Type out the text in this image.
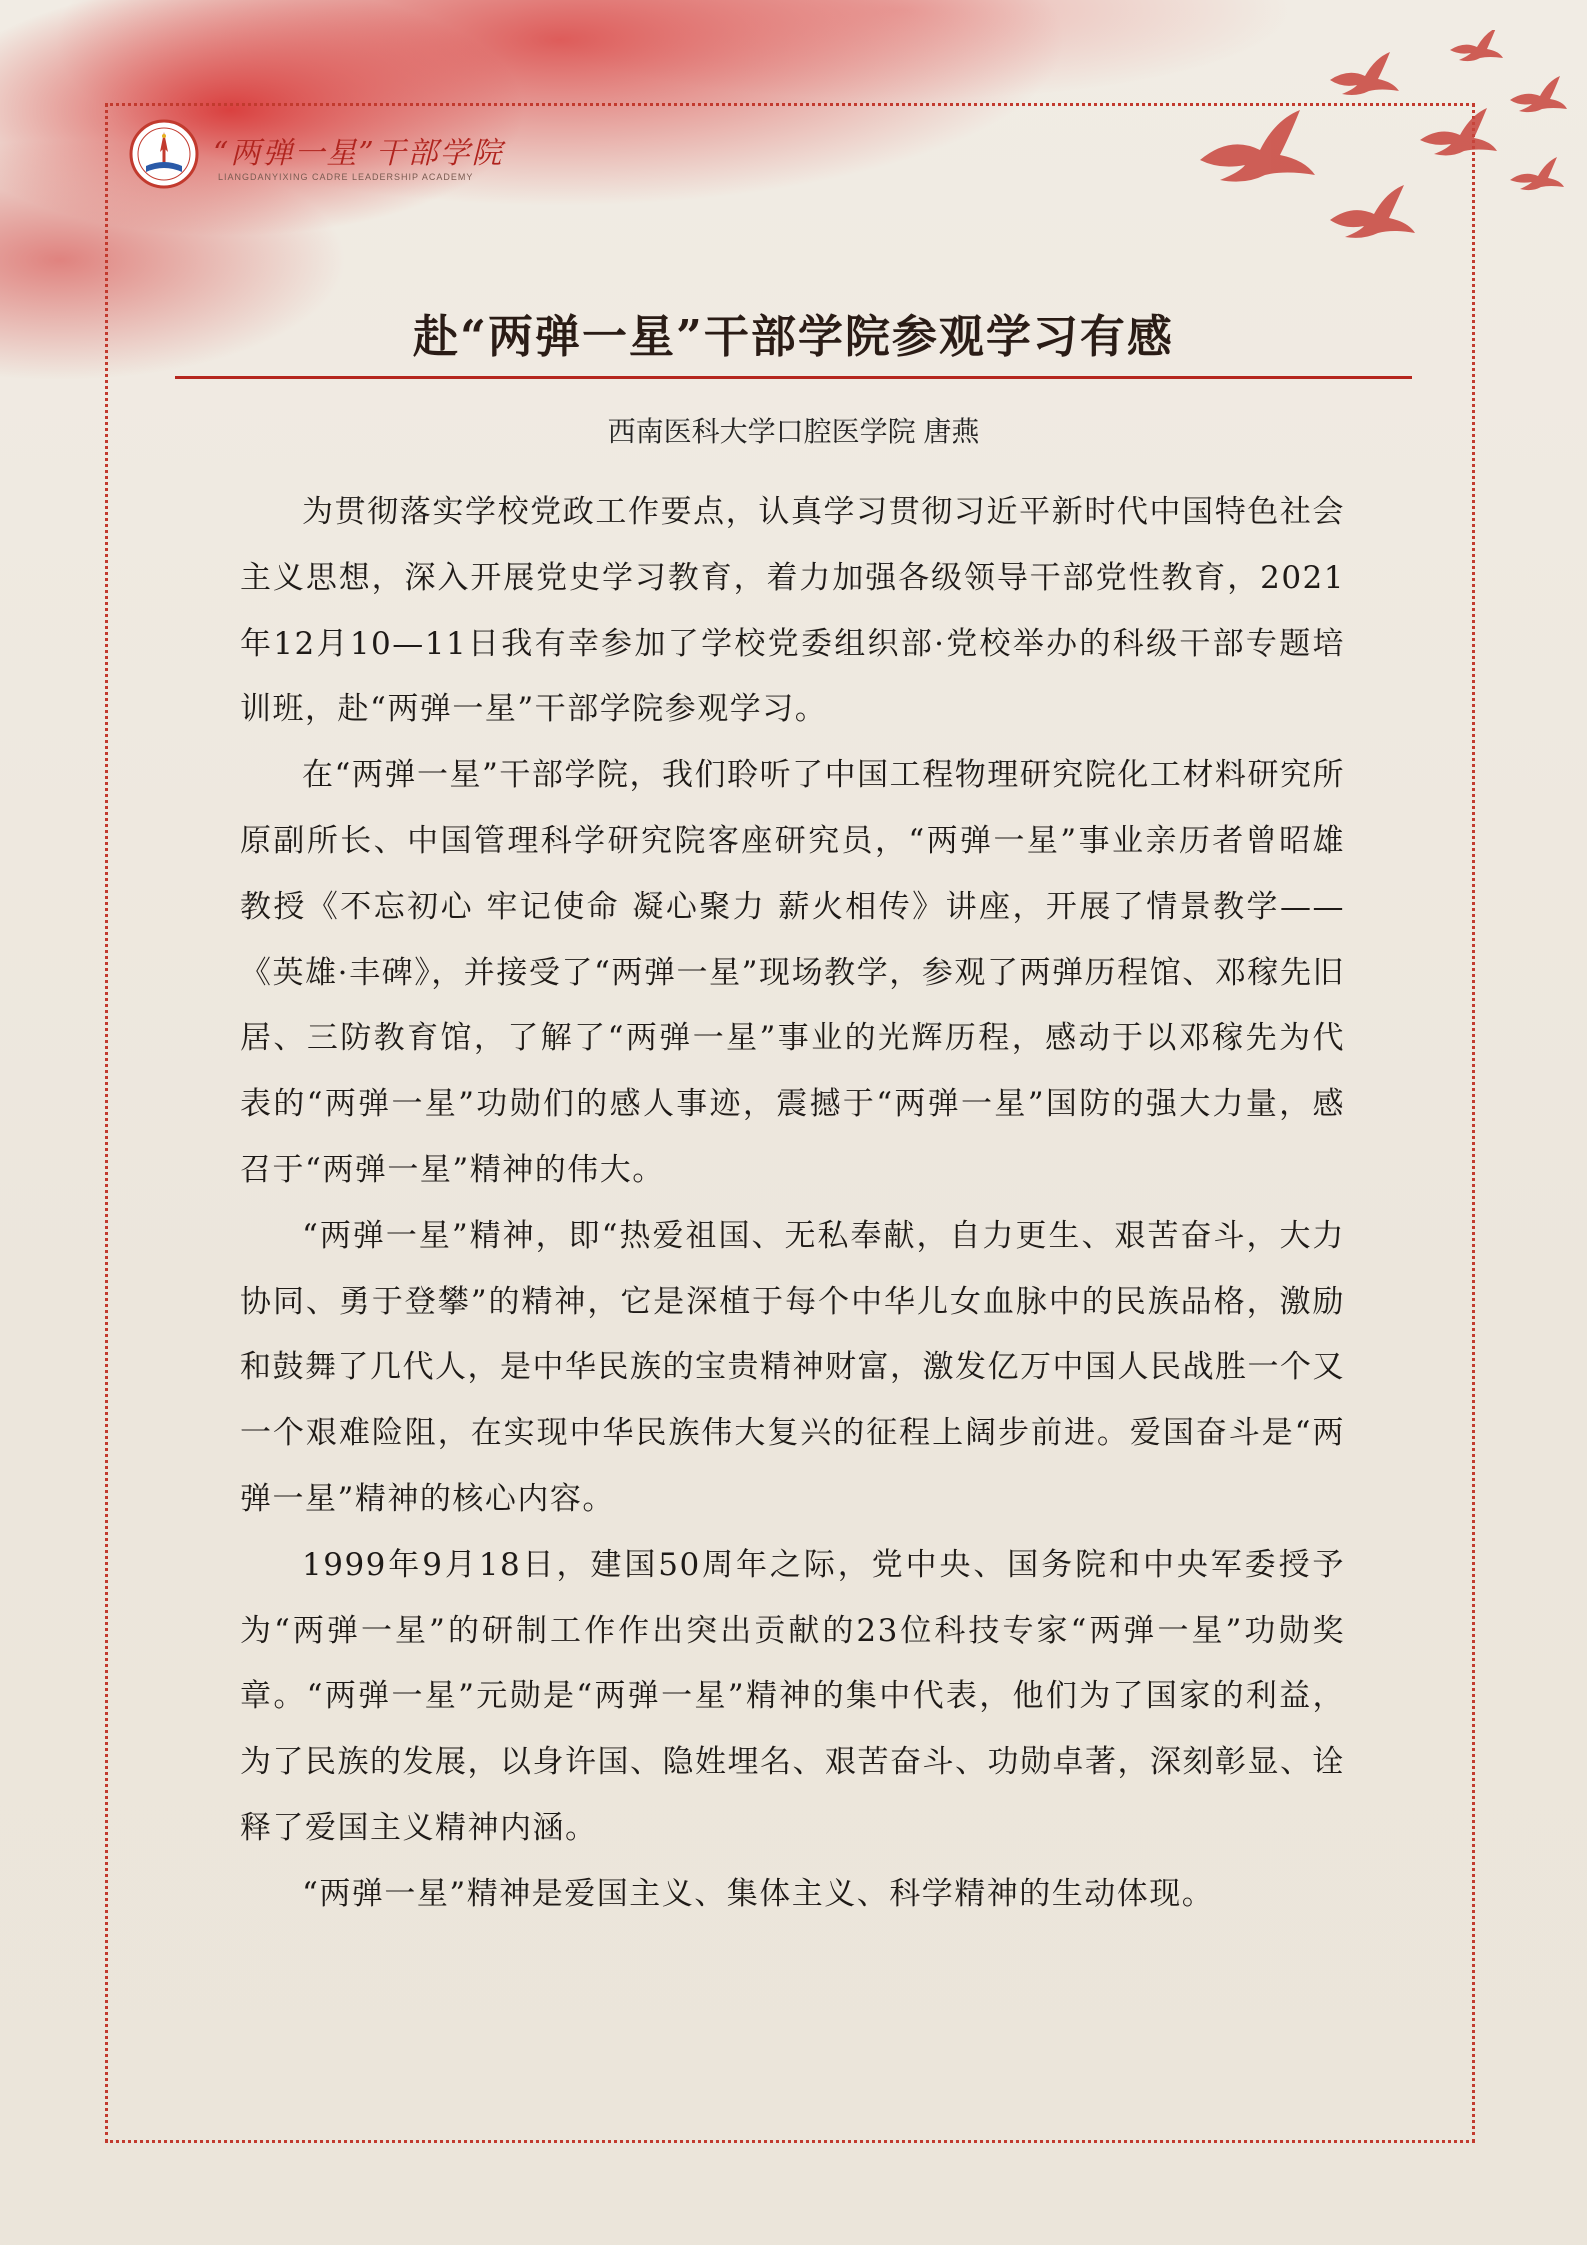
“两弹一星”干部学院
LIANGDANYIXING CADRE LEADERSHIP ACADEMY
赴“两弹一星”干部学院参观学习有感
西南医科大学口腔医学院 唐燕

为贯彻落实学校党政工作要点，认真学习贯彻习近平新时代中国特色社会主义思想，深入开展党史学习教育，着力加强各级领导干部党性教育，2021年12月10—11日我有幸参加了学校党委组织部·党校举办的科级干部专题培训班，赴“两弹一星”干部学院参观学习。

在“两弹一星”干部学院，我们聆听了中国工程物理研究院化工材料研究所原副所长、中国管理科学研究院客座研究员，“两弹一星”事业亲历者曾昭雄教授《不忘初心 牢记使命 凝心聚力 薪火相传》讲座，开展了情景教学——《英雄·丰碑》，并接受了“两弹一星”现场教学，参观了两弹历程馆、邓稼先旧居、三防教育馆，了解了“两弹一星”事业的光辉历程，感动于以邓稼先为代表的“两弹一星”功勋们的感人事迹，震撼于“两弹一星”国防的强大力量，感召于“两弹一星”精神的伟大。

“两弹一星”精神，即“热爱祖国、无私奉献，自力更生、艰苦奋斗，大力协同、勇于登攀”的精神，它是深植于每个中华儿女血脉中的民族品格，激励和鼓舞了几代人，是中华民族的宝贵精神财富，激发亿万中国人民战胜一个又一个艰难险阻，在实现中华民族伟大复兴的征程上阔步前进。爱国奋斗是“两弹一星”精神的核心内容。

1999年9月18日，建国50周年之际，党中央、国务院和中央军委授予为“两弹一星”的研制工作作出突出贡献的23位科技专家“两弹一星”功勋奖章。“两弹一星”元勋是“两弹一星”精神的集中代表，他们为了国家的利益，为了民族的发展，以身许国、隐姓埋名、艰苦奋斗、功勋卓著，深刻彰显、诠释了爱国主义精神内涵。

“两弹一星”精神是爱国主义、集体主义、科学精神的生动体现。
